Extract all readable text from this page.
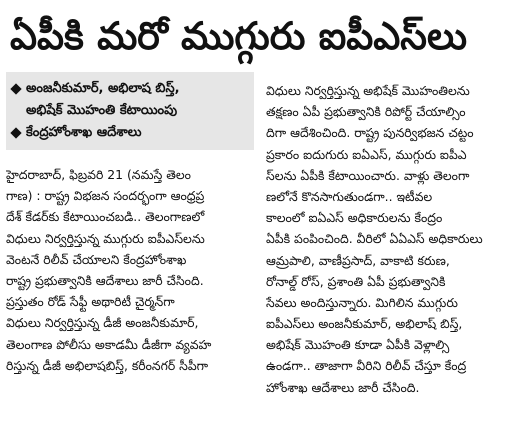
ఏపీకి మరో ముగ్గురు ఐపీఎస్‌లు
అంజనీకుమార్, అభిలాష బిస్త్,
అభిషేక్ మొహంతి కేటాయింపు
కేంద్రహోంశాఖ ఆదేశాలు
హైదరాబాద్, ఫిబ్రవరి 21 (నమస్తే తెలం
గాణ) : రాష్ట్ర విభజన సందర్భంగా ఆంధ్రప్ర
దేశ్ కేడర్‌కు కేటాయించబడి.. తెలంగాణలో
విధులు నిర్వర్తిస్తున్న ముగ్గురు ఐపీఎస్‌లను
వెంటనే రిలీవ్ చేయాలని కేంద్రహోంశాఖ
రాష్ట్ర ప్రభుత్వానికి ఆదేశాలు జారీ చేసింది.
ప్రస్తుతం రోడ్ సేఫ్టీ అథారిటీ చైర్మన్‌గా
విధులు నిర్వర్తిస్తున్న డీజీ అంజనీకుమార్,
తెలంగాణ పోలీసు అకాడమీ డీజీగా వ్యవహ
రిస్తున్న డీజీ అభిలాషబిస్త్, కరీంనగర్ సీపీగా
విధులు నిర్వర్తిస్తున్న అభిషేక్ మొహంతిలను
తక్షణం ఏపీ ప్రభుత్వానికి రిపోర్ట్ చేయాల్సిం
దిగా ఆదేశించింది. రాష్ట్ర పునర్విభజన చట్టం
ప్రకారం ఐదుగురు ఐఏఎస్, ముగ్గురు ఐపీఎ
స్‌లను ఏపీకి కేటాయించారు. వాళ్లు తెలంగా
ణలోనే కొనసాగుతుండగా.. ఇటీవల
కాలంలో ఐఏఎస్ అధికారులను కేంద్రం
ఏపీకి పంపించింది. వీరిలో ఏఏఎస్ అధికారులు
ఆమ్రపాలి, వాణీప్రసాద్, వాకాటి కరుణ,
రోనాల్డ్ రోస్, ప్రశాంతి ఏపీ ప్రభుత్వానికి
సేవలు అందిస్తున్నారు. మిగిలిన ముగ్గురు
ఐపీఎస్‌లు అంజనీకుమార్, అభిలాష్ బిస్త్,
అభిషేక్ మొహంతి కూడా ఏపీకి వెళ్లాల్సి
ఉండగా.. తాజాగా వీరిని రిలీవ్ చేస్తూ కేంద్ర
హోంశాఖ ఆదేశాలు జారీ చేసింది.
